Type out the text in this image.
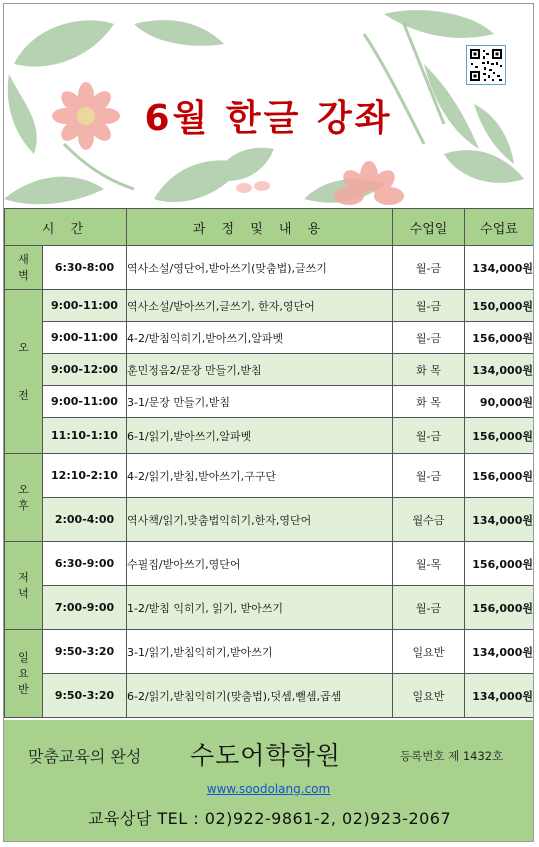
6월 한글 강좌
시 간		과 정 및 내 용	수업일	수업료

새
벽	6:30-8:00	역사소설/영단어,받아쓰기(맞춤법),글쓰기	월-금	134,000원

오

전	9:00-11:00	역사소설/받아쓰기,글쓰기, 한자,영단어	월-금	150,000원
	9:00-11:00	4-2/받침익히기,받아쓰기,알파벳	월-금	156,000원
	9:00-12:00	훈민정음2/문장 만들기,받침	화 목	134,000원
	9:00-11:00	3-1/문장 만들기,받침	화 목	90,000원
	11:10-1:10	6-1/읽기,받아쓰기,알파벳	월-금	156,000원

오
후	12:10-2:10	4-2/읽기,받침,받아쓰기,구구단	월-금	156,000원
	2:00-4:00	역사책/읽기,맞춤법익히기,한자,영단어	월수금	134,000원

저
녁	6:30-9:00	수필집/받아쓰기,영단어	월-목	156,000원
	7:00-9:00	1-2/받침 익히기, 읽기, 받아쓰기	월-금	156,000원

일
요
반	9:50-3:20	3-1/읽기,받침익히기,받아쓰기	일요반	134,000원
	9:50-3:20	6-2/읽기,받침익히기(맞춤법),덧셈,뺄셈,곱셈	일요반	134,000원
맞춤교육의 완성 수도어학학원	등록번호 제 1432호
www.soodolang.com
교육상담 TEL : 02)922-9861-2, 02)923-2067
